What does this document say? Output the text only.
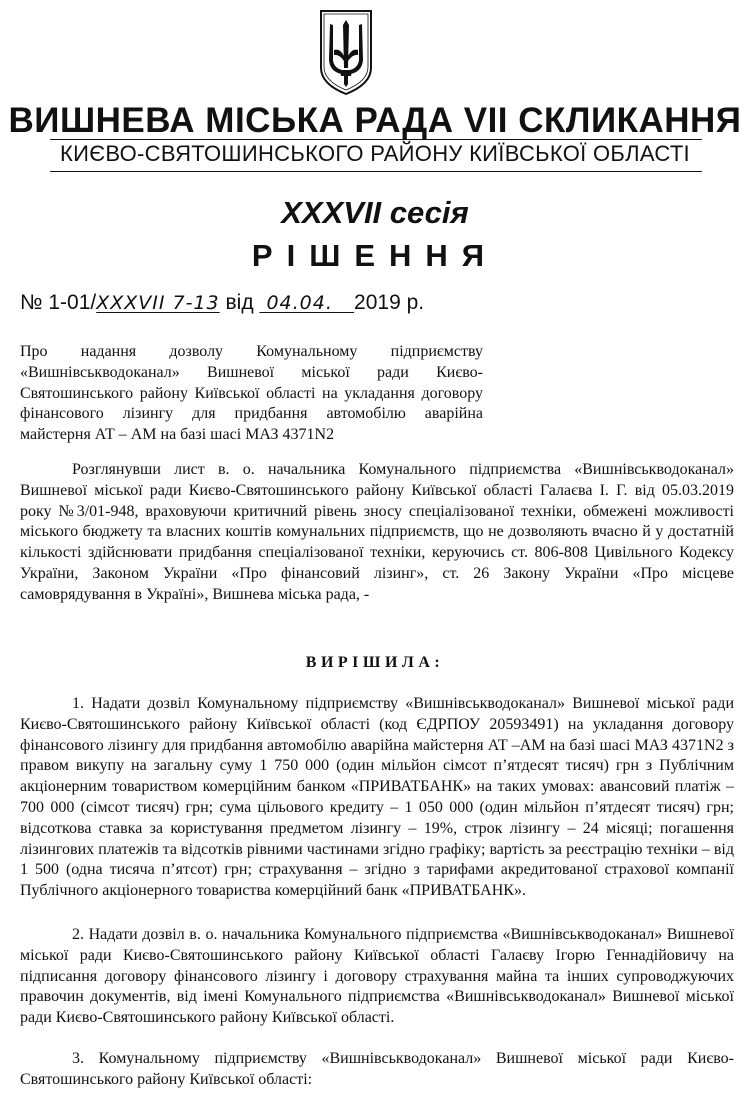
ВИШНЕВА МІСЬКА РАДА VII СКЛИКАННЯ
КИЄВО-СВЯТОШИНСЬКОГО РАЙОНУ КИЇВСЬКОЇ ОБЛАСТІ
XXXVII сесія
РІШЕННЯ
№ 1-01/XXXVII 7-13 від 04.04. 2019 р.
Про надання дозволу Комунальному підприємству «Вишнівськводоканал» Вишневої міської ради Києво-Святошинського району Київської області на укладання договору фінансового лізингу для придбання автомобілю аварійна майстерня АТ – АМ на базі шасі МАЗ 4371N2
Розглянувши лист в. о. начальника Комунального підприємства «Вишнівськводоканал» Вишневої міської ради Києво-Святошинського району Київської області Галаєва І. Г. від 05.03.2019 року №3/01-948, враховуючи критичний рівень зносу спеціалізованої техніки, обмежені можливості міського бюджету та власних коштів комунальних підприємств, що не дозволяють вчасно й у достатній кількості здійснювати придбання спеціалізованої техніки, керуючись ст. 806-808 Цивільного Кодексу України, Законом України «Про фінансовий лізинг», ст. 26 Закону України «Про місцеве самоврядування в Україні», Вишнева міська рада, -
ВИРІШИЛА:
1. Надати дозвіл Комунальному підприємству «Вишнівськводоканал» Вишневої міської ради Києво-Святошинського району Київської області (код ЄДРПОУ 20593491) на укладання договору фінансового лізингу для придбання автомобілю аварійна майстерня АТ –АМ на базі шасі МАЗ 4371N2 з правом викупу на загальну суму 1 750 000 (один мільйон сімсот п’ятдесят тисяч) грн з Публічним акціонерним товариством комерційним банком «ПРИВАТБАНК» на таких умовах: авансовий платіж – 700 000 (сімсот тисяч) грн; сума цільового кредиту – 1 050 000 (один мільйон п’ятдесят тисяч) грн; відсоткова ставка за користування предметом лізингу – 19%, строк лізингу – 24 місяці; погашення лізингових платежів та відсотків рівними частинами згідно графіку; вартість за реєстрацію техніки – від 1 500 (одна тисяча п’ятсот) грн; страхування – згідно з тарифами акредитованої страхової компанії Публічного акціонерного товариства комерційний банк «ПРИВАТБАНК».
2. Надати дозвіл в. о. начальника Комунального підприємства «Вишнівськводоканал» Вишневої міської ради Києво-Святошинського району Київської області Галаєву Ігорю Геннадійовичу на підписання договору фінансового лізингу і договору страхування майна та інших супроводжуючих правочин документів, від імені Комунального підприємства «Вишнівськводоканал» Вишневої міської ради Києво-Святошинського району Київської області.
3. Комунальному підприємству «Вишнівськводоканал» Вишневої міської ради Києво-Святошинського району Київської області:
